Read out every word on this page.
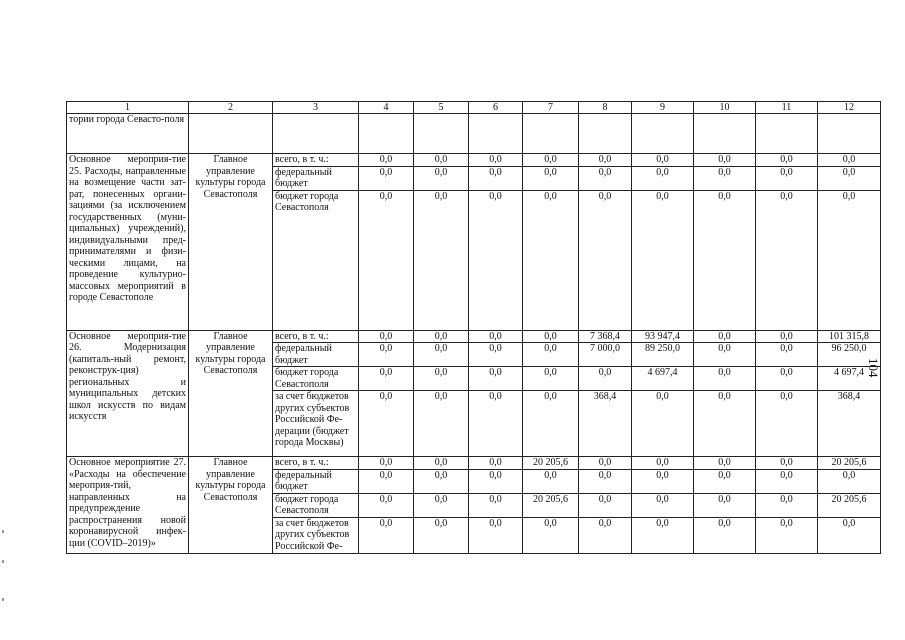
1	2	3	4	5	6	7	8	9	10	11	12
тории города Севасто-поля											
Основное мероприя-тие 25. Расходы, направленные на возмещение части зат-рат, понесенных органи-зациями (за исключением государственных (муни-ципальных) учреждений), индивидуальными пред-принимателями и физи-ческими лицами, на проведение культурно-массовых мероприятий в городе Севастополе	Главное управление культуры города Севастополя	всего, в т. ч.:	0,0	0,0	0,0	0,0	0,0	0,0	0,0	0,0	0,0
		федеральный бюджет	0,0	0,0	0,0	0,0	0,0	0,0	0,0	0,0	0,0
		бюджет города Севастополя	0,0	0,0	0,0	0,0	0,0	0,0	0,0	0,0	0,0
Основное мероприя-тие 26. Модернизация (капиталь-ный ремонт, реконструк-ция) региональных и муниципальных детских школ искусств по видам искусств	Главное управление культуры города Севастополя	всего, в т. ч.:	0,0	0,0	0,0	0,0	7 368,4	93 947,4	0,0	0,0	101 315,8
		федеральный бюджет	0,0	0,0	0,0	0,0	7 000,0	89 250,0	0,0	0,0	96 250,0
		бюджет города Севастополя	0,0	0,0	0,0	0,0	0,0	4 697,4	0,0	0,0	4 697,4
		за счет бюджетов других субъектов Российской Фе-дерации (бюджет города Москвы)	0,0	0,0	0,0	0,0	368,4	0,0	0,0	0,0	368,4
Основное мероприятие 27. «Расходы на обеспечение мероприя-тий, направленных на предупреждение распространения новой коронавирусной инфек-ции (COVID–2019)»	Главное управление культуры города Севастополя	всего, в т. ч.:	0,0	0,0	0,0	20 205,6	0,0	0,0	0,0	0,0	20 205,6
		федеральный бюджет	0,0	0,0	0,0	0,0	0,0	0,0	0,0	0,0	0,0
		бюджет города Севастополя	0,0	0,0	0,0	20 205,6	0,0	0,0	0,0	0,0	20 205,6
		за счет бюджетов других субъектов Российской Фе-	0,0	0,0	0,0	0,0	0,0	0,0	0,0	0,0	0,0
104
